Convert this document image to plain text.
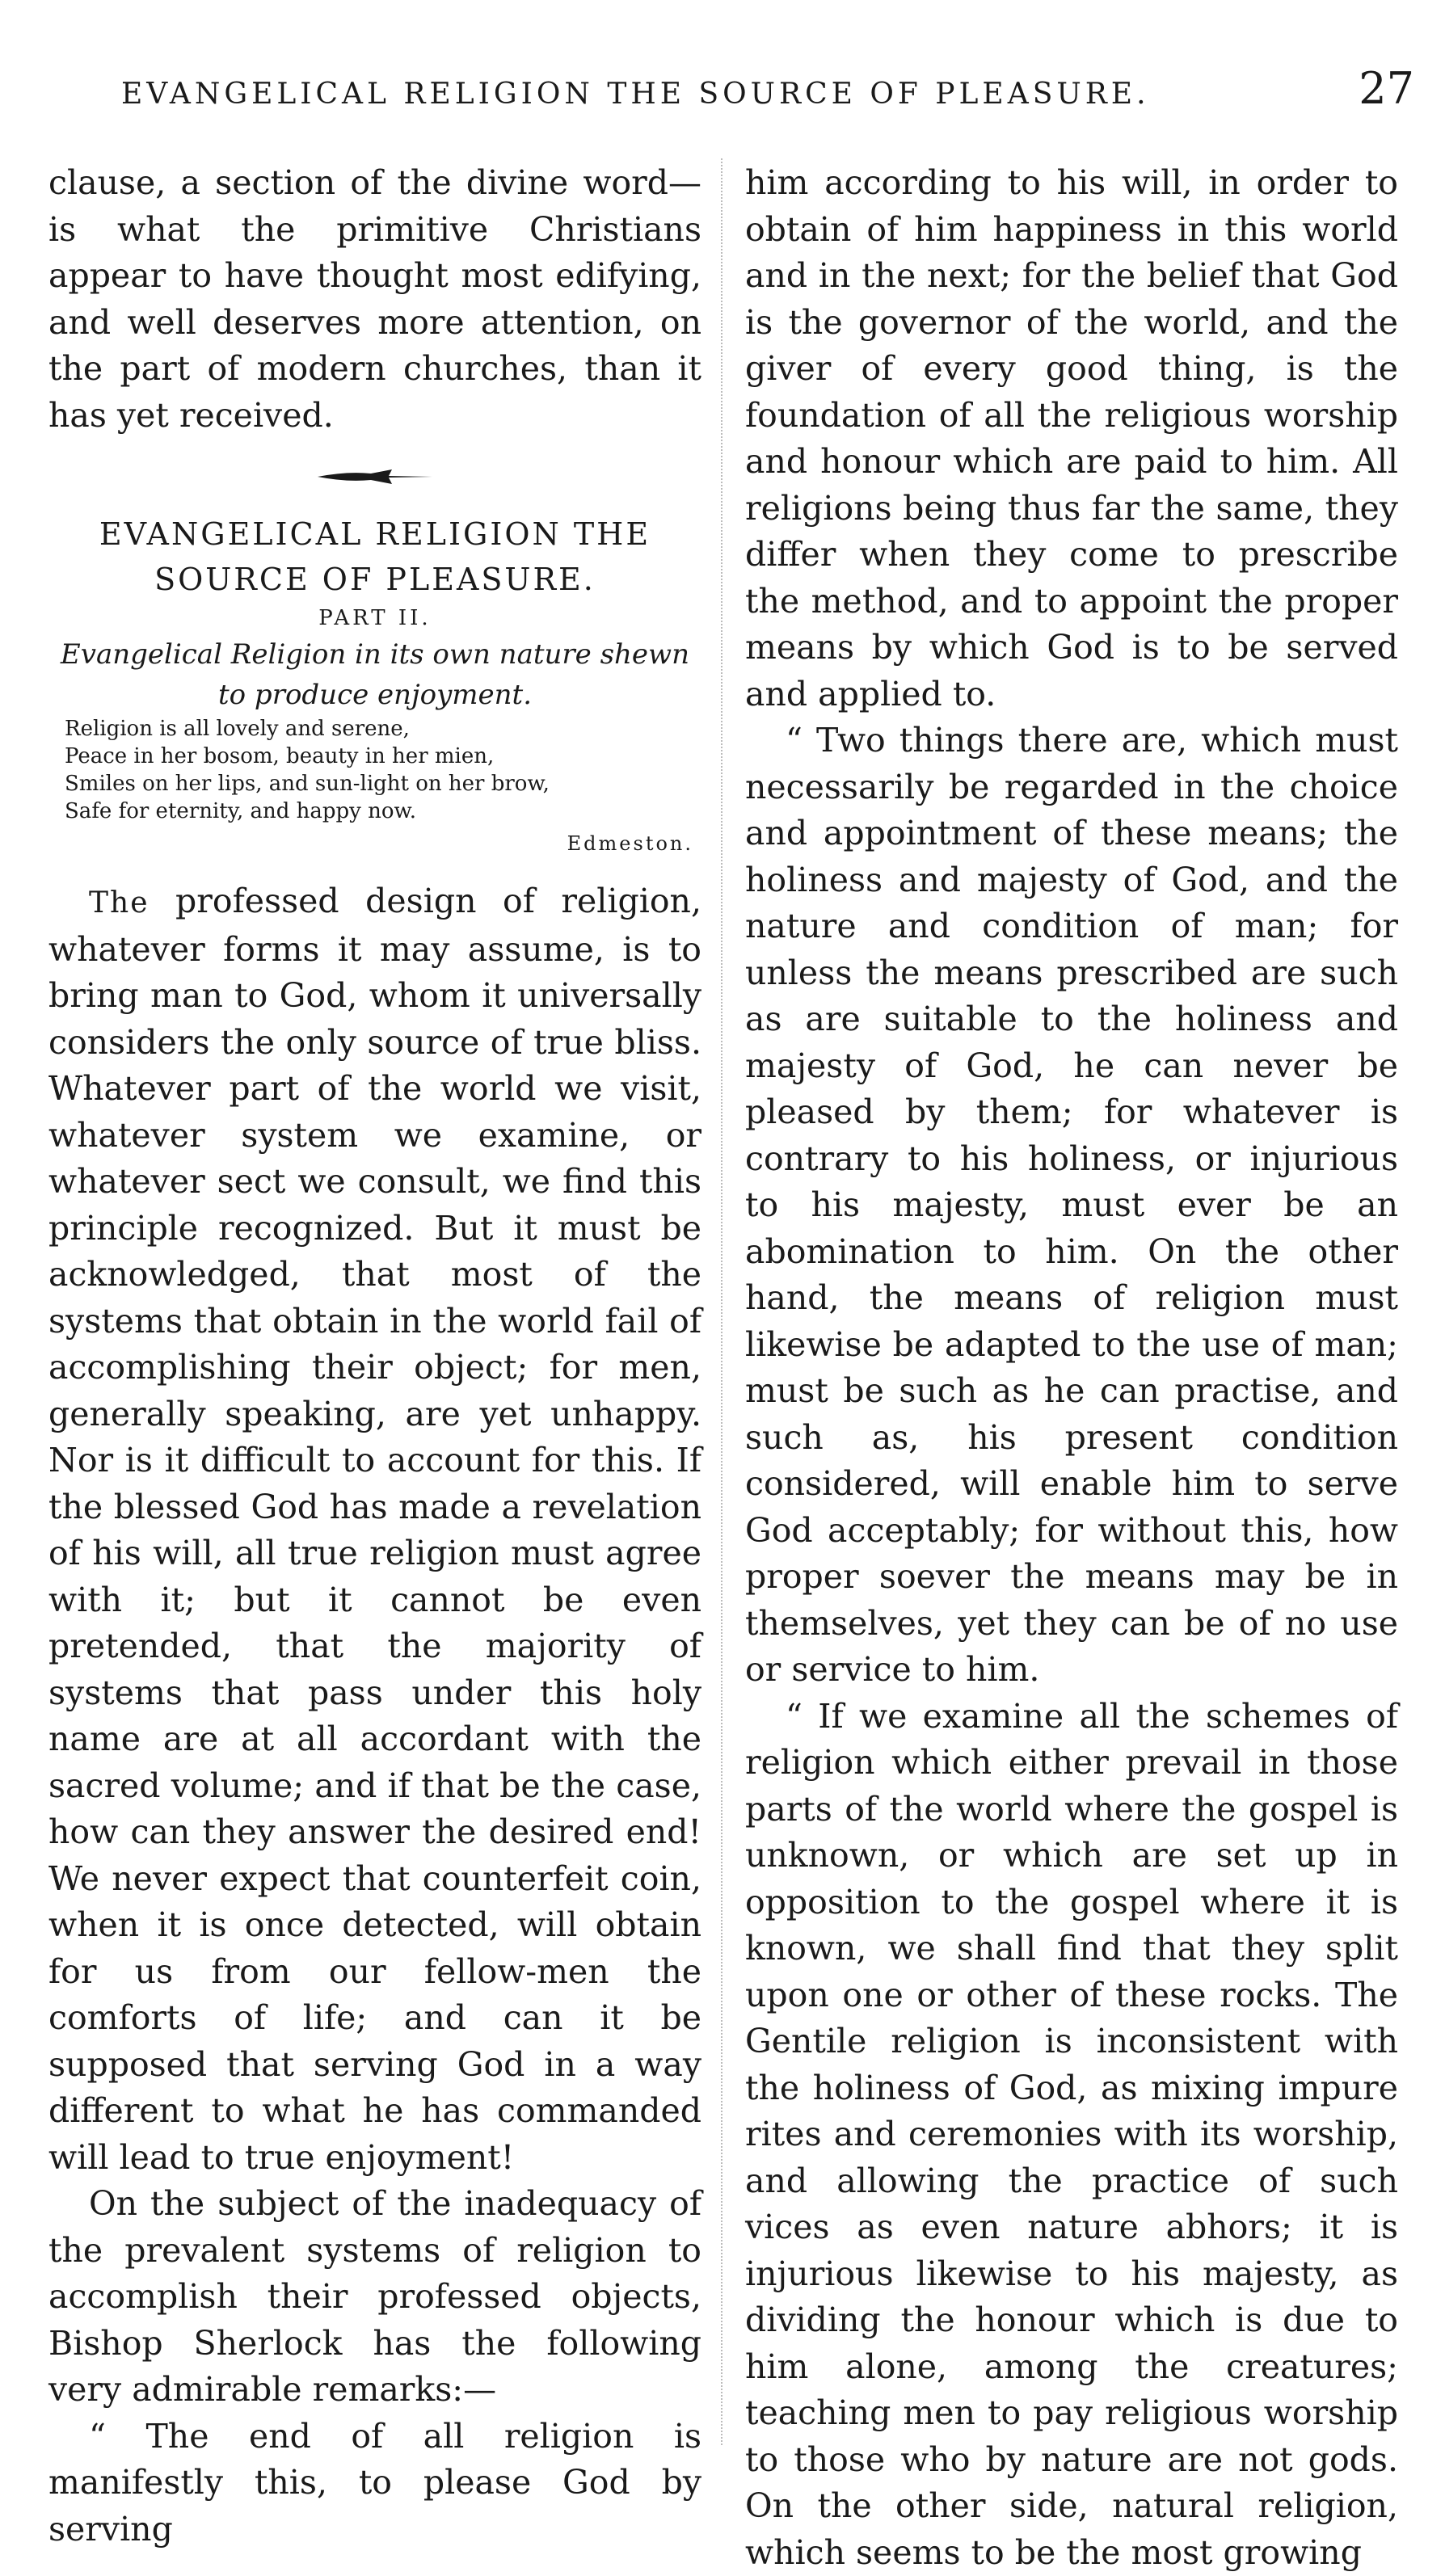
EVANGELICAL RELIGION THE SOURCE OF PLEASURE.	27

clause, a section of the divine word—is what the primitive Christians appear to have thought most edifying, and well deserves more attention, on the part of modern churches, than it has yet received.

EVANGELICAL RELIGION THE

SOURCE OF PLEASURE.

PART II.

Evangelical Religion in its own nature shewn
to produce enjoyment.

Religion is all lovely and serene,
Peace in her bosom, beauty in her mien,
Smiles on her lips, and sun-light on her brow,
Safe for eternity, and happy now.
Edmeston.

The professed design of religion, whatever forms it may assume, is to bring man to God, whom it universally considers the only source of true bliss. Whatever part of the world we visit, whatever system we examine, or whatever sect we consult, we find this principle recognized. But it must be acknowledged, that most of the systems that obtain in the world fail of accomplishing their object; for men, generally speaking, are yet unhappy. Nor is it difficult to account for this. If the blessed God has made a revelation of his will, all true religion must agree with it; but it cannot be even pretended, that the majority of systems that pass under this holy name are at all accordant with the sacred volume; and if that be the case, how can they answer the desired end! We never expect that counterfeit coin, when it is once detected, will obtain for us from our fellow-men the comforts of life; and can it be supposed that serving God in a way different to what he has commanded will lead to true enjoyment!

On the subject of the inadequacy of the prevalent systems of religion to accomplish their professed objects, Bishop Sherlock has the following very admirable remarks:—

“ The end of all religion is manifestly this, to please God by serving

him according to his will, in order to obtain of him happiness in this world and in the next; for the belief that God is the governor of the world, and the giver of every good thing, is the foundation of all the religious worship and honour which are paid to him. All religions being thus far the same, they differ when they come to prescribe the method, and to appoint the proper means by which God is to be served and applied to.

“ Two things there are, which must necessarily be regarded in the choice and appointment of these means; the holiness and majesty of God, and the nature and condition of man; for unless the means prescribed are such as are suitable to the holiness and majesty of God, he can never be pleased by them; for whatever is contrary to his holiness, or injurious to his majesty, must ever be an abomination to him. On the other hand, the means of religion must likewise be adapted to the use of man; must be such as he can practise, and such as, his present condition considered, will enable him to serve God acceptably; for without this, how proper soever the means may be in themselves, yet they can be of no use or service to him.

“ If we examine all the schemes of religion which either prevail in those parts of the world where the gospel is unknown, or which are set up in opposition to the gospel where it is known, we shall find that they split upon one or other of these rocks. The Gentile religion is inconsistent with the holiness of God, as mixing impure rites and ceremonies with its worship, and allowing the practice of such vices as even nature abhors; it is injurious likewise to his majesty, as dividing the honour which is due to him alone, among the creatures; teaching men to pay religious worship to those who by nature are not gods. On the other side, natural religion, which seems to be the most growing
